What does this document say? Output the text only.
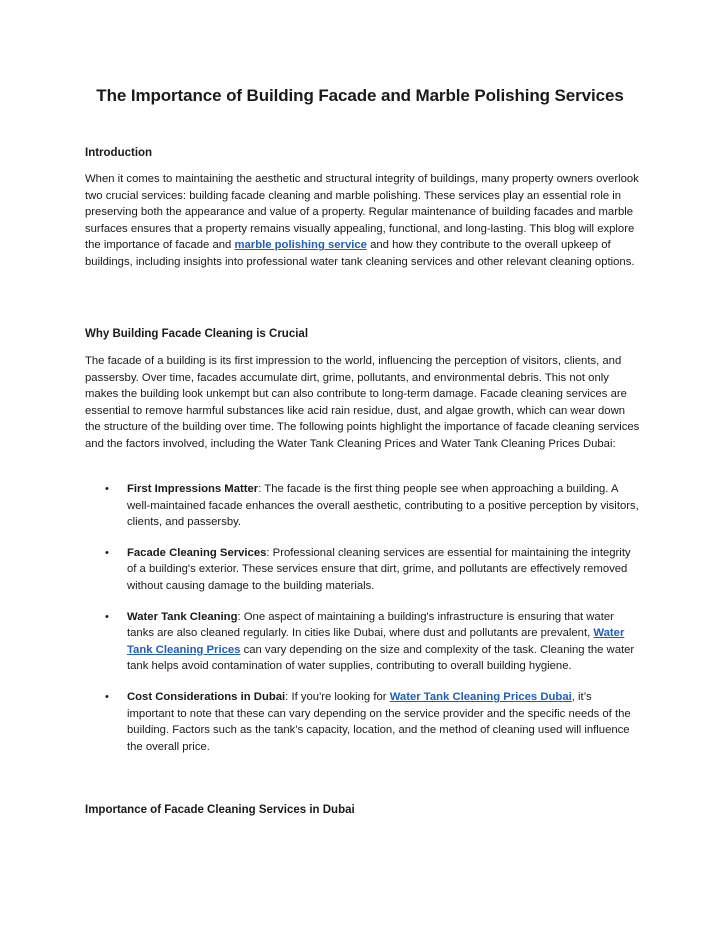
The Importance of Building Facade and Marble Polishing Services
Introduction

When it comes to maintaining the aesthetic and structural integrity of buildings, many property owners overlook two crucial services: building facade cleaning and marble polishing. These services play an essential role in preserving both the appearance and value of a property. Regular maintenance of building facades and marble surfaces ensures that a property remains visually appealing, functional, and long-lasting. This blog will explore the importance of facade and marble polishing service and how they contribute to the overall upkeep of buildings, including insights into professional water tank cleaning services and other relevant cleaning options.

Why Building Facade Cleaning is Crucial

The facade of a building is its first impression to the world, influencing the perception of visitors, clients, and passersby. Over time, facades accumulate dirt, grime, pollutants, and environmental debris. This not only makes the building look unkempt but can also contribute to long-term damage. Facade cleaning services are essential to remove harmful substances like acid rain residue, dust, and algae growth, which can wear down the structure of the building over time. The following points highlight the importance of facade cleaning services and the factors involved, including the Water Tank Cleaning Prices and Water Tank Cleaning Prices Dubai:

• First Impressions Matter: The facade is the first thing people see when approaching a building. A well-maintained facade enhances the overall aesthetic, contributing to a positive perception by visitors, clients, and passersby.
• Facade Cleaning Services: Professional cleaning services are essential for maintaining the integrity of a building's exterior. These services ensure that dirt, grime, and pollutants are effectively removed without causing damage to the building materials.
• Water Tank Cleaning: One aspect of maintaining a building's infrastructure is ensuring that water tanks are also cleaned regularly. In cities like Dubai, where dust and pollutants are prevalent, Water Tank Cleaning Prices can vary depending on the size and complexity of the task. Cleaning the water tank helps avoid contamination of water supplies, contributing to overall building hygiene.
• Cost Considerations in Dubai: If you're looking for Water Tank Cleaning Prices Dubai, it’s important to note that these can vary depending on the service provider and the specific needs of the building. Factors such as the tank’s capacity, location, and the method of cleaning used will influence the overall price.
Importance of Facade Cleaning Services in Dubai
